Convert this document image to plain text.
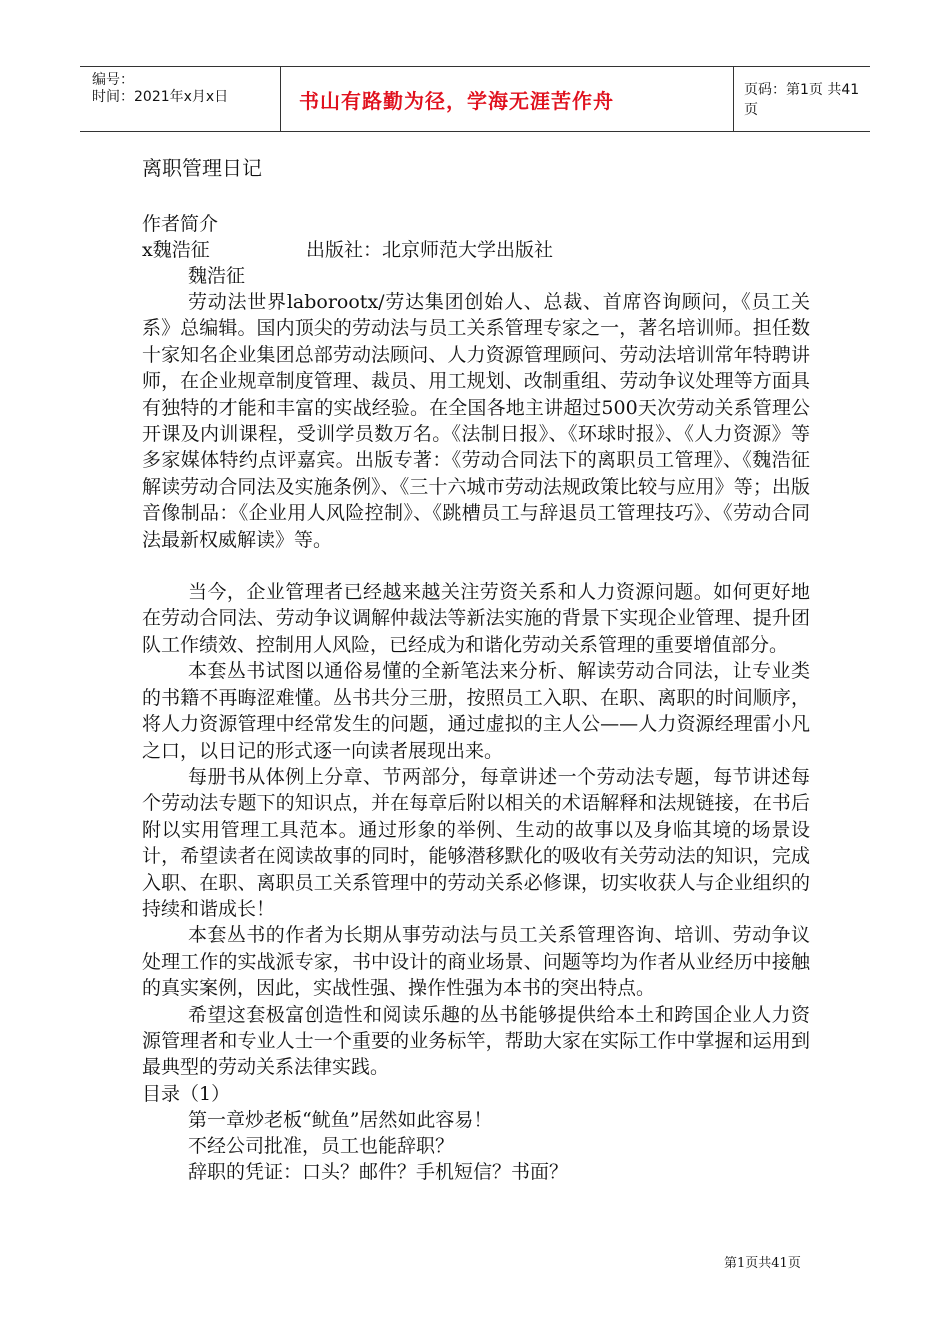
编号：
时间：2021年x月x日	书山有路勤为径，学海无涯苦作舟	页码：第1页 共41页
离职管理日记
作者简介
x魏浩征	出版社：北京师范大学出版社
魏浩征

劳动法世界laborootx/劳达集团创始人、总裁、首席咨询顾问，《员工关系》总编辑。国内顶尖的劳动法与员工关系管理专家之一，著名培训师。担任数十家知名企业集团总部劳动法顾问、人力资源管理顾问、劳动法培训常年特聘讲师，在企业规章制度管理、裁员、用工规划、改制重组、劳动争议处理等方面具有独特的才能和丰富的实战经验。在全国各地主讲超过500天次劳动关系管理公开课及内训课程，受训学员数万名。《法制日报》、《环球时报》、《人力资源》等多家媒体特约点评嘉宾。出版专著：《劳动合同法下的离职员工管理》、《魏浩征解读劳动合同法及实施条例》、《三十六城市劳动法规政策比较与应用》等；出版音像制品：《企业用人风险控制》、《跳槽员工与辞退员工管理技巧》、《劳动合同法最新权威解读》等。

当今，企业管理者已经越来越关注劳资关系和人力资源问题。如何更好地在劳动合同法、劳动争议调解仲裁法等新法实施的背景下实现企业管理、提升团队工作绩效、控制用人风险，已经成为和谐化劳动关系管理的重要增值部分。

本套丛书试图以通俗易懂的全新笔法来分析、解读劳动合同法，让专业类的书籍不再晦涩难懂。丛书共分三册，按照员工入职、在职、离职的时间顺序，将人力资源管理中经常发生的问题，通过虚拟的主人公——人力资源经理雷小凡之口，以日记的形式逐一向读者展现出来。

每册书从体例上分章、节两部分，每章讲述一个劳动法专题，每节讲述每个劳动法专题下的知识点，并在每章后附以相关的术语解释和法规链接，在书后附以实用管理工具范本。通过形象的举例、生动的故事以及身临其境的场景设计，希望读者在阅读故事的同时，能够潜移默化的吸收有关劳动法的知识，完成入职、在职、离职员工关系管理中的劳动关系必修课，切实收获人与企业组织的持续和谐成长！

本套丛书的作者为长期从事劳动法与员工关系管理咨询、培训、劳动争议处理工作的实战派专家，书中设计的商业场景、问题等均为作者从业经历中接触的真实案例，因此，实战性强、操作性强为本书的突出特点。

希望这套极富创造性和阅读乐趣的丛书能够提供给本土和跨国企业人力资源管理者和专业人士一个重要的业务标竿，帮助大家在实际工作中掌握和运用到最典型的劳动关系法律实践。

目录（1）
第一章炒老板“鱿鱼”居然如此容易！
不经公司批准，员工也能辞职？
辞职的凭证：口头？邮件？手机短信？书面？
第1页共41页
